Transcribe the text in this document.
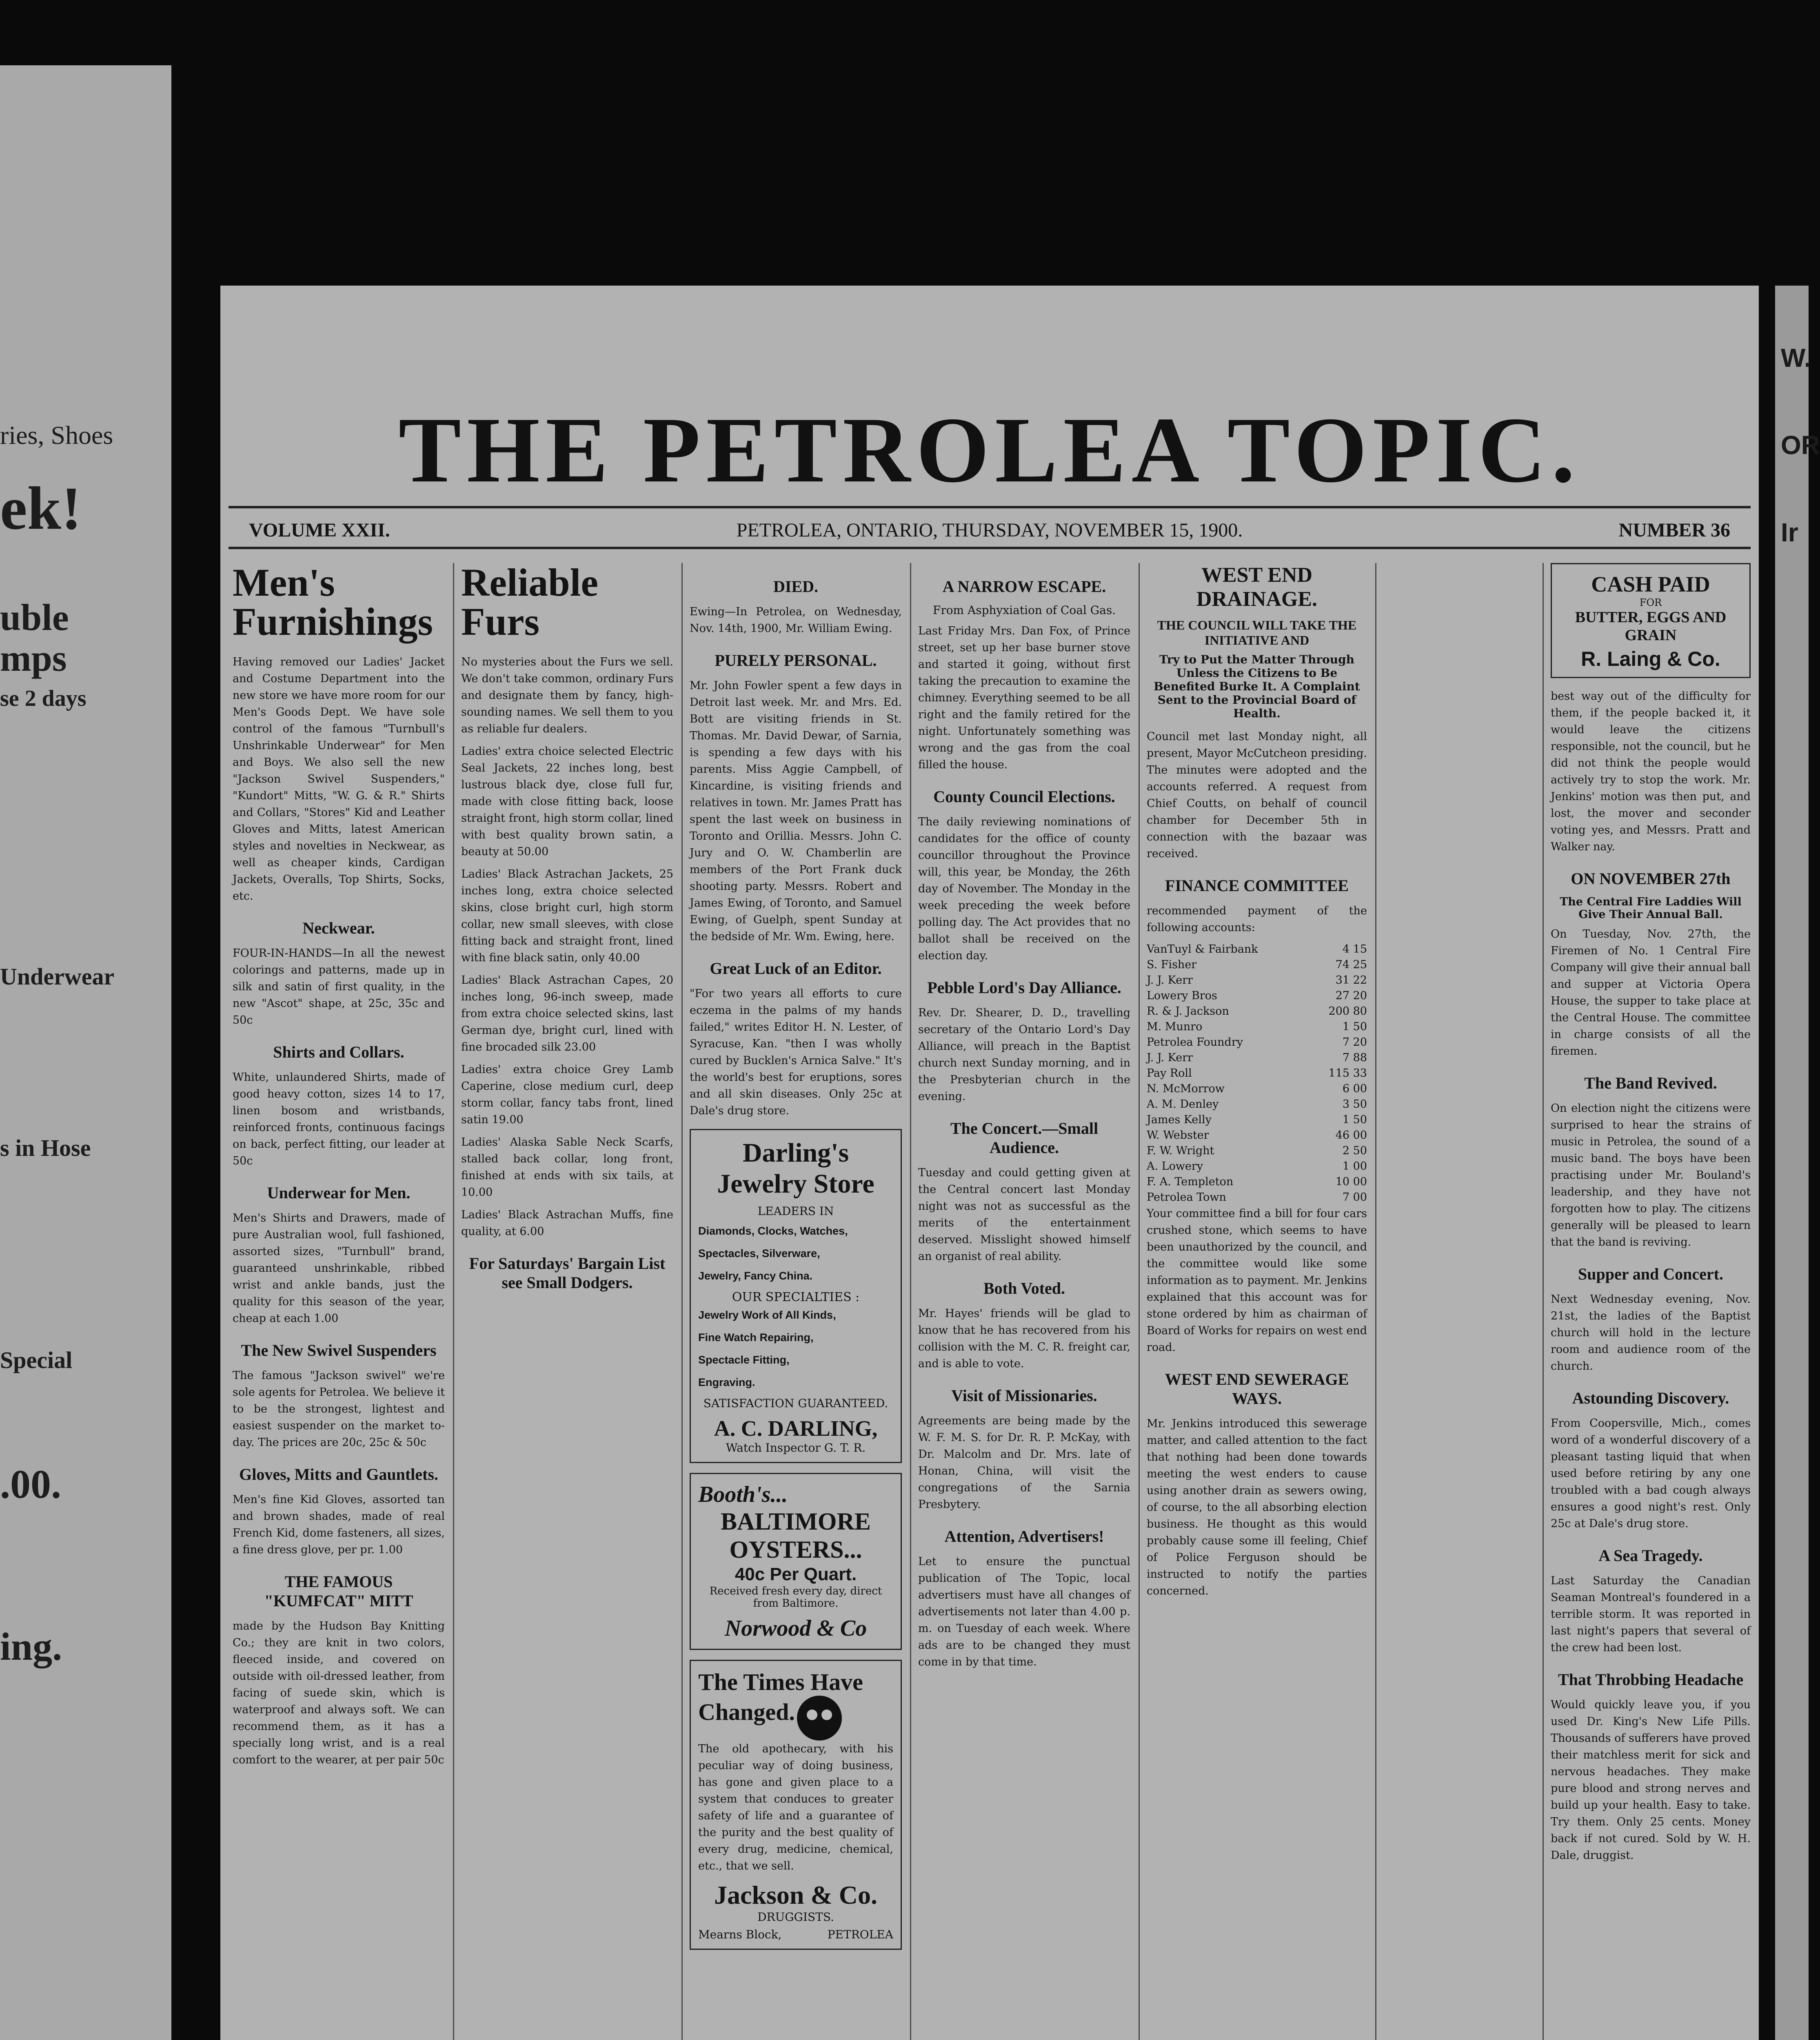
ries, Shoes
ek!
uble
mps
se 2 days
Underwear
s in Hose
Special
.00.
ing.
W.
OR
Ir
THE PETROLEA TOPIC.
VOLUME XXII.	PETROLEA, ONTARIO, THURSDAY, NOVEMBER 15, 1900.	NUMBER 36
Men's Furnishings

Having removed our Ladies' Jacket and Costume Department into the new store we have more room for our Men's Goods Dept. We have sole control of the famous "Turnbull's Unshrinkable Underwear" for Men and Boys. We also sell the new "Jackson Swivel Suspenders," "Kundort" Mitts, "W. G. & R." Shirts and Collars, "Stores" Kid and Leather Gloves and Mitts, latest American styles and novelties in Neckwear, as well as cheaper kinds, Cardigan Jackets, Overalls, Top Shirts, Socks, etc.

Neckwear.

FOUR-IN-HANDS—In all the newest colorings and patterns, made up in silk and satin of first quality, in the new "Ascot" shape, at 25c, 35c and 50c

Shirts and Collars.

White, unlaundered Shirts, made of good heavy cotton, sizes 14 to 17, linen bosom and wristbands, reinforced fronts, continuous facings on back, perfect fitting, our leader at 50c

Underwear for Men.

Men's Shirts and Drawers, made of pure Australian wool, full fashioned, assorted sizes, "Turnbull" brand, guaranteed unshrinkable, ribbed wrist and ankle bands, just the quality for this season of the year, cheap at each 1.00

The New Swivel Suspenders

The famous "Jackson swivel" we're sole agents for Petrolea. We believe it to be the strongest, lightest and easiest suspender on the market to-day. The prices are 20c, 25c & 50c

Gloves, Mitts and Gauntlets.

Men's fine Kid Gloves, assorted tan and brown shades, made of real French Kid, dome fasteners, all sizes, a fine dress glove, per pr. 1.00

THE FAMOUS "KUMFCAT" MITT

made by the Hudson Bay Knitting Co.; they are knit in two colors, fleeced inside, and covered on outside with oil-dressed leather, from facing of suede skin, which is waterproof and always soft. We can recommend them, as it has a specially long wrist, and is a real comfort to the wearer, at per pair 50c

Reliable Furs

No mysteries about the Furs we sell. We don't take common, ordinary Furs and designate them by fancy, high-sounding names. We sell them to you as reliable fur dealers.

Ladies' extra choice selected Electric Seal Jackets, 22 inches long, best lustrous black dye, close full fur, made with close fitting back, loose straight front, high storm collar, lined with best quality brown satin, a beauty at 50.00

Ladies' Black Astrachan Jackets, 25 inches long, extra choice selected skins, close bright curl, high storm collar, new small sleeves, with close fitting back and straight front, lined with fine black satin, only 40.00

Ladies' Black Astrachan Capes, 20 inches long, 96-inch sweep, made from extra choice selected skins, last German dye, bright curl, lined with fine brocaded silk 23.00

Ladies' extra choice Grey Lamb Caperine, close medium curl, deep storm collar, fancy tabs front, lined satin 19.00

Ladies' Alaska Sable Neck Scarfs, stalled back collar, long front, finished at ends with six tails, at 10.00

Ladies' Black Astrachan Muffs, fine quality, at 6.00

For Saturdays' Bargain List see Small Dodgers.
DIED.

Ewing—In Petrolea, on Wednesday, Nov. 14th, 1900, Mr. William Ewing.

PURELY PERSONAL.

Mr. John Fowler spent a few days in Detroit last week. Mr. and Mrs. Ed. Bott are visiting friends in St. Thomas. Mr. David Dewar, of Sarnia, is spending a few days with his parents. Miss Aggie Campbell, of Kincardine, is visiting friends and relatives in town. Mr. James Pratt has spent the last week on business in Toronto and Orillia. Messrs. John C. Jury and O. W. Chamberlin are members of the Port Frank duck shooting party. Messrs. Robert and James Ewing, of Toronto, and Samuel Ewing, of Guelph, spent Sunday at the bedside of Mr. Wm. Ewing, here.

Great Luck of an Editor.

"For two years all efforts to cure eczema in the palms of my hands failed," writes Editor H. N. Lester, of Syracuse, Kan. "then I was wholly cured by Bucklen's Arnica Salve." It's the world's best for eruptions, sores and all skin diseases. Only 25c at Dale's drug store.

Darling's Jewelry Store
LEADERS IN

Diamonds, Clocks, Watches,

Spectacles, Silverware,

Jewelry, Fancy China.

OUR SPECIALTIES :

Jewelry Work of All Kinds,

Fine Watch Repairing,

Spectacle Fitting,

Engraving.

SATISFACTION GUARANTEED.
A. C. DARLING,
Watch Inspector G. T. R.
Booth's...
BALTIMORE
OYSTERS...
40c Per Quart.
Received fresh every day, direct from Baltimore.
Norwood & Co
The Times Have Changed.

The old apothecary, with his peculiar way of doing business, has gone and given place to a system that conduces to greater safety of life and a guarantee of the purity and the best quality of every drug, medicine, chemical, etc., that we sell.

Jackson & Co.
DRUGGISTS.
Mearns Block,	PETROLEA
A NARROW ESCAPE.
From Asphyxiation of Coal Gas.

Last Friday Mrs. Dan Fox, of Prince street, set up her base burner stove and started it going, without first taking the precaution to examine the chimney. Everything seemed to be all right and the family retired for the night. Unfortunately something was wrong and the gas from the coal filled the house.

County Council Elections.

The daily reviewing nominations of candidates for the office of county councillor throughout the Province will, this year, be Monday, the 26th day of November. The Monday in the week preceding the week before polling day. The Act provides that no ballot shall be received on the election day.

Pebble Lord's Day Alliance.

Rev. Dr. Shearer, D. D., travelling secretary of the Ontario Lord's Day Alliance, will preach in the Baptist church next Sunday morning, and in the Presbyterian church in the evening.

The Concert.—Small Audience.

Tuesday and could getting given at the Central concert last Monday night was not as successful as the merits of the entertainment deserved. Misslight showed himself an organist of real ability.

Both Voted.

Mr. Hayes' friends will be glad to know that he has recovered from his collision with the M. C. R. freight car, and is able to vote.

Visit of Missionaries.

Agreements are being made by the W. F. M. S. for Dr. R. P. McKay, with Dr. Malcolm and Dr. Mrs. late of Honan, China, will visit the congregations of the Sarnia Presbytery.

Attention, Advertisers!

Let to ensure the punctual publication of The Topic, local advertisers must have all changes of advertisements not later than 4.00 p. m. on Tuesday of each week. Where ads are to be changed they must come in by that time.

WEST END DRAINAGE.
THE COUNCIL WILL TAKE THE INITIATIVE AND
Try to Put the Matter Through Unless the Citizens to Be Benefited Burke It. A Complaint Sent to the Provincial Board of Health.

Council met last Monday night, all present, Mayor McCutcheon presiding. The minutes were adopted and the accounts referred. A request from Chief Coutts, on behalf of council chamber for December 5th in connection with the bazaar was received.

FINANCE COMMITTEE

recommended payment of the following accounts:

VanTuyl & Fairbank	4 15
S. Fisher	74 25
J. J. Kerr	31 22
Lowery Bros	27 20
R. & J. Jackson	200 80
M. Munro	1 50
Petrolea Foundry	7 20
J. J. Kerr	7 88
Pay Roll	115 33
N. McMorrow	6 00
A. M. Denley	3 50
James Kelly	1 50
W. Webster	46 00
F. W. Wright	2 50
A. Lowery	1 00
F. A. Templeton	10 00
Petrolea Town	7 00

Your committee find a bill for four cars crushed stone, which seems to have been unauthorized by the council, and the committee would like some information as to payment. Mr. Jenkins explained that this account was for stone ordered by him as chairman of Board of Works for repairs on west end road.

WEST END SEWERAGE WAYS.

Mr. Jenkins introduced this sewerage matter, and called attention to the fact that nothing had been done towards meeting the west enders to cause using another drain as sewers owing, of course, to the all absorbing election business. He thought as this would probably cause some ill feeling, Chief of Police Ferguson should be instructed to notify the parties concerned.

CASH PAID
FOR
BUTTER, EGGS AND GRAIN
R. Laing & Co.

best way out of the difficulty for them, if the people backed it, it would leave the citizens responsible, not the council, but he did not think the people would actively try to stop the work. Mr. Jenkins' motion was then put, and lost, the mover and seconder voting yes, and Messrs. Pratt and Walker nay.

ON NOVEMBER 27th
The Central Fire Laddies Will Give Their Annual Ball.

On Tuesday, Nov. 27th, the Firemen of No. 1 Central Fire Company will give their annual ball and supper at Victoria Opera House, the supper to take place at the Central House. The committee in charge consists of all the firemen.

The Band Revived.

On election night the citizens were surprised to hear the strains of music in Petrolea, the sound of a music band. The boys have been practising under Mr. Bouland's leadership, and they have not forgotten how to play. The citizens generally will be pleased to learn that the band is reviving.

Supper and Concert.

Next Wednesday evening, Nov. 21st, the ladies of the Baptist church will hold in the lecture room and audience room of the church.

Astounding Discovery.

From Coopersville, Mich., comes word of a wonderful discovery of a pleasant tasting liquid that when used before retiring by any one troubled with a bad cough always ensures a good night's rest. Only 25c at Dale's drug store.

A Sea Tragedy.

Last Saturday the Canadian Seaman Montreal's foundered in a terrible storm. It was reported in last night's papers that several of the crew had been lost.

That Throbbing Headache

Would quickly leave you, if you used Dr. King's New Life Pills. Thousands of sufferers have proved their matchless merit for sick and nervous headaches. They make pure blood and strong nerves and build up your health. Easy to take. Try them. Only 25 cents. Money back if not cured. Sold by W. H. Dale, druggist.
